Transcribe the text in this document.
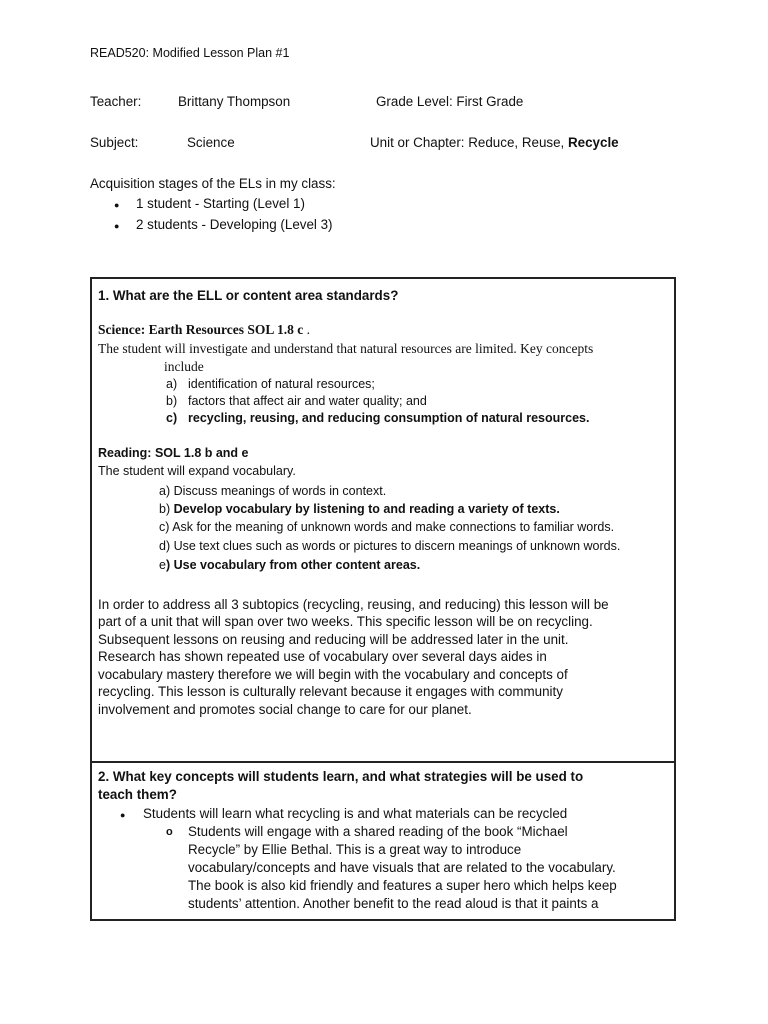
READ520: Modified Lesson Plan #1
Teacher:	Brittany Thompson	Grade Level: First Grade
Subject:	Science	Unit or Chapter: Reduce, Reuse, Recycle
Acquisition stages of the ELs in my class:
● 1 student - Starting (Level 1)
● 2 students - Developing (Level 3)
1. What are the ELL or content area standards?
Science: Earth Resources SOL 1.8 c .
The student will investigate and understand that natural resources are limited. Key concepts
include
a) identification of natural resources;
b) factors that affect air and water quality; and
c) recycling, reusing, and reducing consumption of natural resources.
Reading: SOL 1.8 b and e
The student will expand vocabulary.
a) Discuss meanings of words in context.
b) Develop vocabulary by listening to and reading a variety of texts.
c) Ask for the meaning of unknown words and make connections to familiar words.
d) Use text clues such as words or pictures to discern meanings of unknown words.
e) Use vocabulary from other content areas.
In order to address all 3 subtopics (recycling, reusing, and reducing) this lesson will be
part of a unit that will span over two weeks. This specific lesson will be on recycling.
Subsequent lessons on reusing and reducing will be addressed later in the unit.
Research has shown repeated use of vocabulary over several days aides in
vocabulary mastery therefore we will begin with the vocabulary and concepts of
recycling. This lesson is culturally relevant because it engages with community
involvement and promotes social change to care for our planet.
2. What key concepts will students learn, and what strategies will be used to
teach them?
● Students will learn what recycling is and what materials can be recycled
o Students will engage with a shared reading of the book “Michael
Recycle” by Ellie Bethal. This is a great way to introduce
vocabulary/concepts and have visuals that are related to the vocabulary.
The book is also kid friendly and features a super hero which helps keep
students’ attention. Another benefit to the read aloud is that it paints a
